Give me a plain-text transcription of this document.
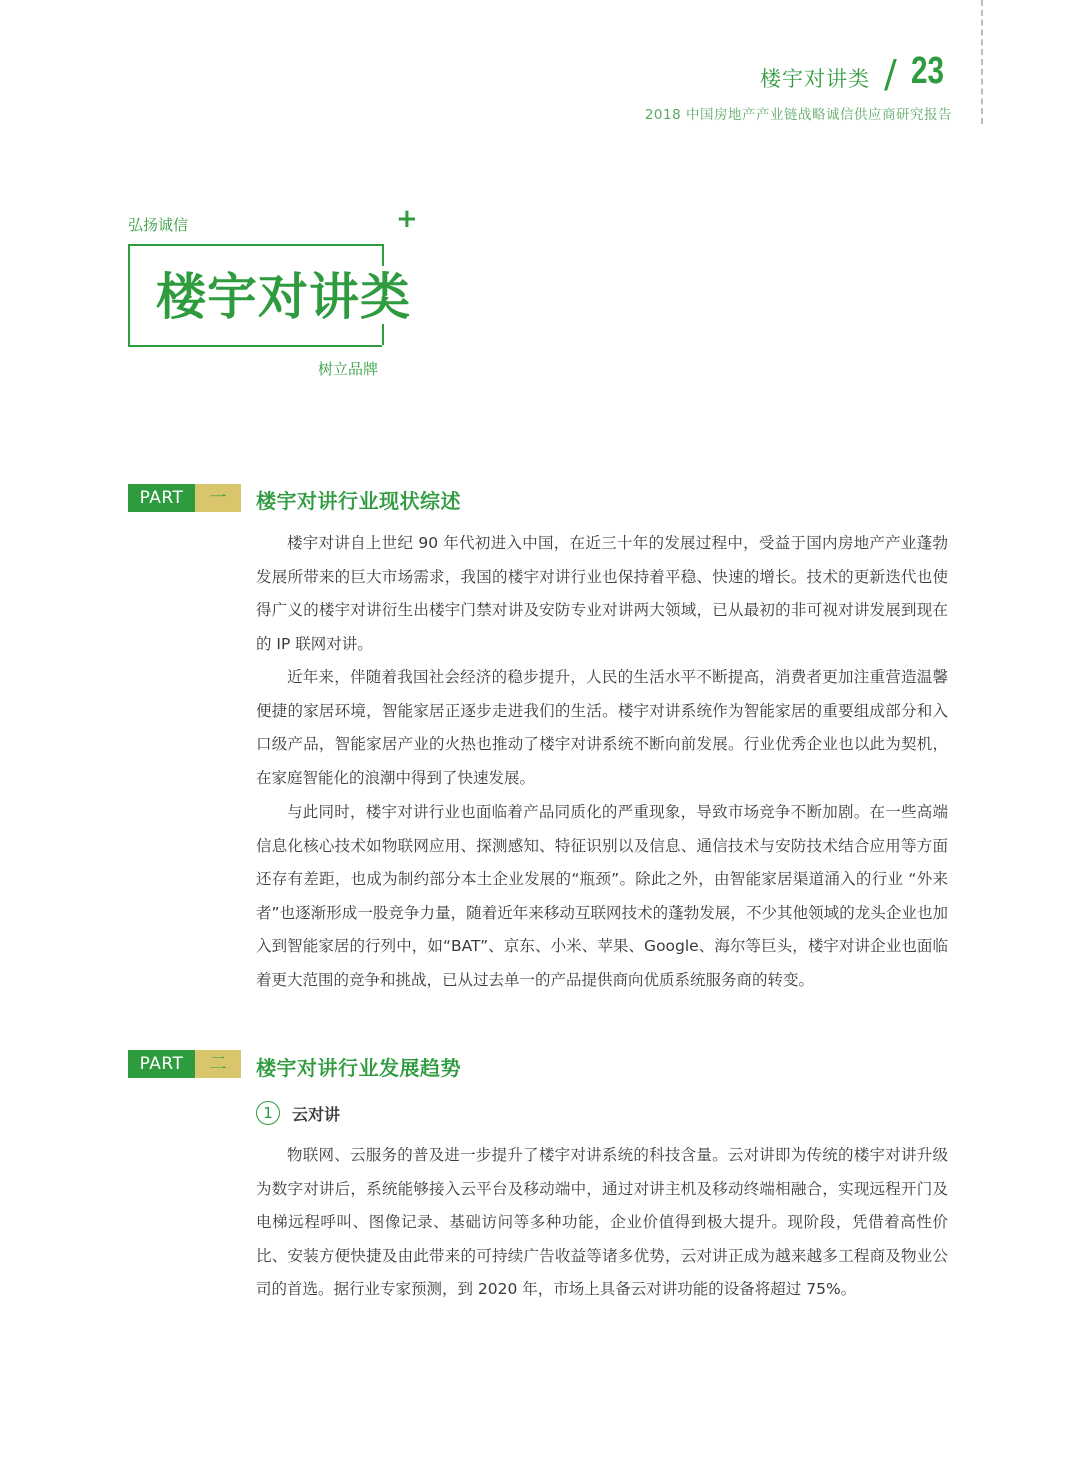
楼宇对讲类 / 23
2018 中国房地产产业链战略诚信供应商研究报告
弘扬诚信	+
楼宇对讲类
树立品牌
PART	一	楼宇对讲行业现状综述

楼宇对讲自上世纪 90 年代初进入中国，在近三十年的发展过程中，受益于国内房地产产业蓬勃发展所带来的巨大市场需求，我国的楼宇对讲行业也保持着平稳、快速的增长。技术的更新迭代也使得广义的楼宇对讲衍生出楼宇门禁对讲及安防专业对讲两大领域，已从最初的非可视对讲发展到现在的 IP 联网对讲。

近年来，伴随着我国社会经济的稳步提升，人民的生活水平不断提高，消费者更加注重营造温馨便捷的家居环境，智能家居正逐步走进我们的生活。楼宇对讲系统作为智能家居的重要组成部分和入口级产品，智能家居产业的火热也推动了楼宇对讲系统不断向前发展。行业优秀企业也以此为契机，在家庭智能化的浪潮中得到了快速发展。

与此同时，楼宇对讲行业也面临着产品同质化的严重现象，导致市场竞争不断加剧。在一些高端信息化核心技术如物联网应用、探测感知、特征识别以及信息、通信技术与安防技术结合应用等方面还存有差距，也成为制约部分本土企业发展的“瓶颈”。除此之外，由智能家居渠道涌入的行业 “外来者”也逐渐形成一股竞争力量，随着近年来移动互联网技术的蓬勃发展，不少其他领域的龙头企业也加入到智能家居的行列中，如“BAT”、京东、小米、苹果、Google、海尔等巨头，楼宇对讲企业也面临着更大范围的竞争和挑战，已从过去单一的产品提供商向优质系统服务商的转变。

PART	二	楼宇对讲行业发展趋势
1	云对讲

物联网、云服务的普及进一步提升了楼宇对讲系统的科技含量。云对讲即为传统的楼宇对讲升级为数字对讲后，系统能够接入云平台及移动端中，通过对讲主机及移动终端相融合，实现远程开门及电梯远程呼叫、图像记录、基础访问等多种功能，企业价值得到极大提升。现阶段，凭借着高性价比、安装方便快捷及由此带来的可持续广告收益等诸多优势，云对讲正成为越来越多工程商及物业公司的首选。据行业专家预测，到 2020 年，市场上具备云对讲功能的设备将超过 75%。
